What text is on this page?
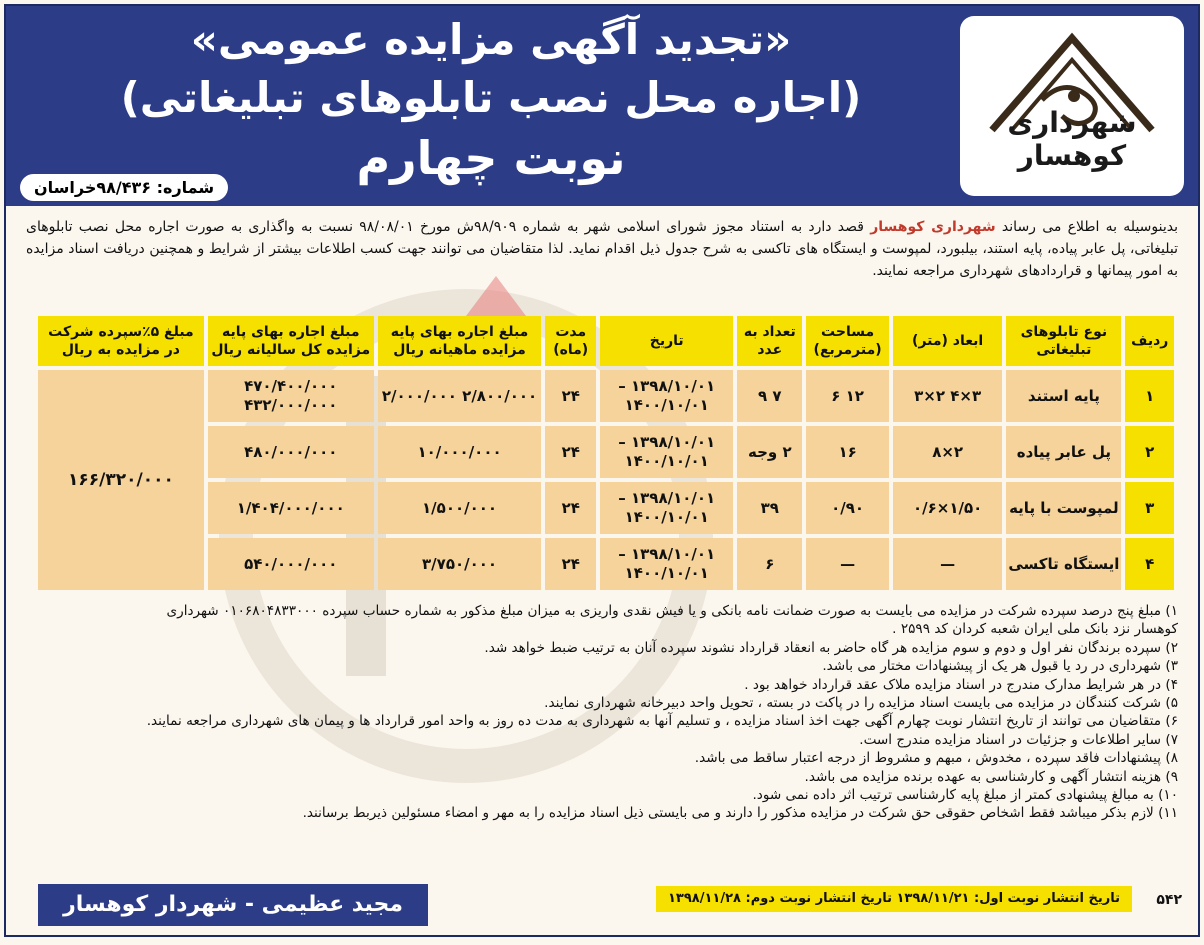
«تجدید آگهی مزایده عمومی»
(اجاره محل نصب تابلوهای تبلیغاتی)
نوبت چهارم
شماره: ۹۸/۴۳۶خراسان
شهرداری کوهسار
بدینوسیله به اطلاع می رساند شهرداری کوهسار قصد دارد به استناد مجوز شورای اسلامی شهر به شماره ۹۸/۹۰۹ش مورخ ۹۸/۰۸/۰۱ نسبت به واگذاری به صورت اجاره محل نصب تابلوهای تبلیغاتی، پل عابر پیاده، پایه استند، بیلبورد، لمپوست و ایستگاه های تاکسی به شرح جدول ذیل اقدام نماید. لذا متقاضیان می توانند جهت کسب اطلاعات بیشتر از شرایط و همچنین دریافت اسناد مزایده به امور پیمانها و قراردادهای شهرداری مراجعه نمایند.
ردیف	نوع تابلوهای تبلیغاتی	ابعاد (متر)	مساحت (مترمربع)	تعداد به عدد	تاریخ	مدت (ماه)	مبلغ اجاره بهای پایه مزایده ماهیانه ریال	مبلغ اجاره بهای پایه مزایده کل سالیانه ریال	مبلغ ۵٪سپرده شرکت در مزایده به ریال
۱	پایه استند	۳×۴ ۲×۳	۱۲ ۶	۷ ۹	۱۳۹۸/۱۰/۰۱ – ۱۴۰۰/۱۰/۰۱	۲۴	۲/۸۰۰/۰۰۰ ۲/۰۰۰/۰۰۰	۴۷۰/۴۰۰/۰۰۰ ۴۳۲/۰۰۰/۰۰۰	۱۶۶/۳۲۰/۰۰۰
۲	پل عابر پیاده	۲×۸	۱۶	۲ وجه	۱۳۹۸/۱۰/۰۱ – ۱۴۰۰/۱۰/۰۱	۲۴	۱۰/۰۰۰/۰۰۰	۴۸۰/۰۰۰/۰۰۰	
۳	لمپوست با پایه	۱/۵۰×۰/۶	۰/۹۰	۳۹	۱۳۹۸/۱۰/۰۱ – ۱۴۰۰/۱۰/۰۱	۲۴	۱/۵۰۰/۰۰۰	۱/۴۰۴/۰۰۰/۰۰۰	
۴	ایستگاه تاکسی	—	—	۶	۱۳۹۸/۱۰/۰۱ – ۱۴۰۰/۱۰/۰۱	۲۴	۳/۷۵۰/۰۰۰	۵۴۰/۰۰۰/۰۰۰	
۱) مبلغ پنج درصد سپرده شرکت در مزایده می بایست به صورت ضمانت نامه بانکی و یا فیش نقدی واریزی به میزان مبلغ مذکور به شماره حساب سپرده ۰۱۰۶۸۰۴۸۳۳۰۰۰ شهرداری
کوهسار نزد بانک ملی ایران شعبه کردان کد ۲۵۹۹ .
۲) سپرده برندگان نفر اول و دوم و سوم مزایده هر گاه حاضر به انعقاد قرارداد نشوند سپرده آنان به ترتیب ضبط خواهد شد.
۳) شهرداری در رد یا قبول هر یک از پیشنهادات مختار می باشد.
۴) در هر شرایط مدارک مندرج در اسناد مزایده ملاک عقد قرارداد خواهد بود .
۵) شرکت کنندگان در مزایده می بایست اسناد مزایده را در پاکت در بسته ، تحویل واحد دبیرخانه شهرداری نمایند.
۶) متقاضیان می توانند از تاریخ انتشار نوبت چهارم آگهی جهت اخذ اسناد مزایده ، و تسلیم آنها به شهرداری به مدت ده روز به واحد امور قرارداد ها و پیمان های شهرداری مراجعه نمایند.
۷) سایر اطلاعات و جزئیات در اسناد مزایده مندرج است.
۸) پیشنهادات فاقد سپرده ، مخدوش ، مبهم و مشروط از درجه اعتبار ساقط می باشد.
۹) هزینه انتشار آگهی و کارشناسی به عهده برنده مزایده می باشد.
۱۰) به مبالغ پیشنهادی کمتر از مبلغ پایه کارشناسی ترتیب اثر داده نمی شود.
۱۱) لازم بذکر میباشد فقط اشخاص حقوقی حق شرکت در مزایده مذکور را دارند و می بایستی ذیل اسناد مزایده را به مهر و امضاء مسئولین ذیربط برسانند.
مجید عظیمی - شهردار کوهسار	تاریخ انتشار نوبت اول: ۱۳۹۸/۱۱/۲۱ تاریخ انتشار نوبت دوم: ۱۳۹۸/۱۱/۲۸	۵۴۲
